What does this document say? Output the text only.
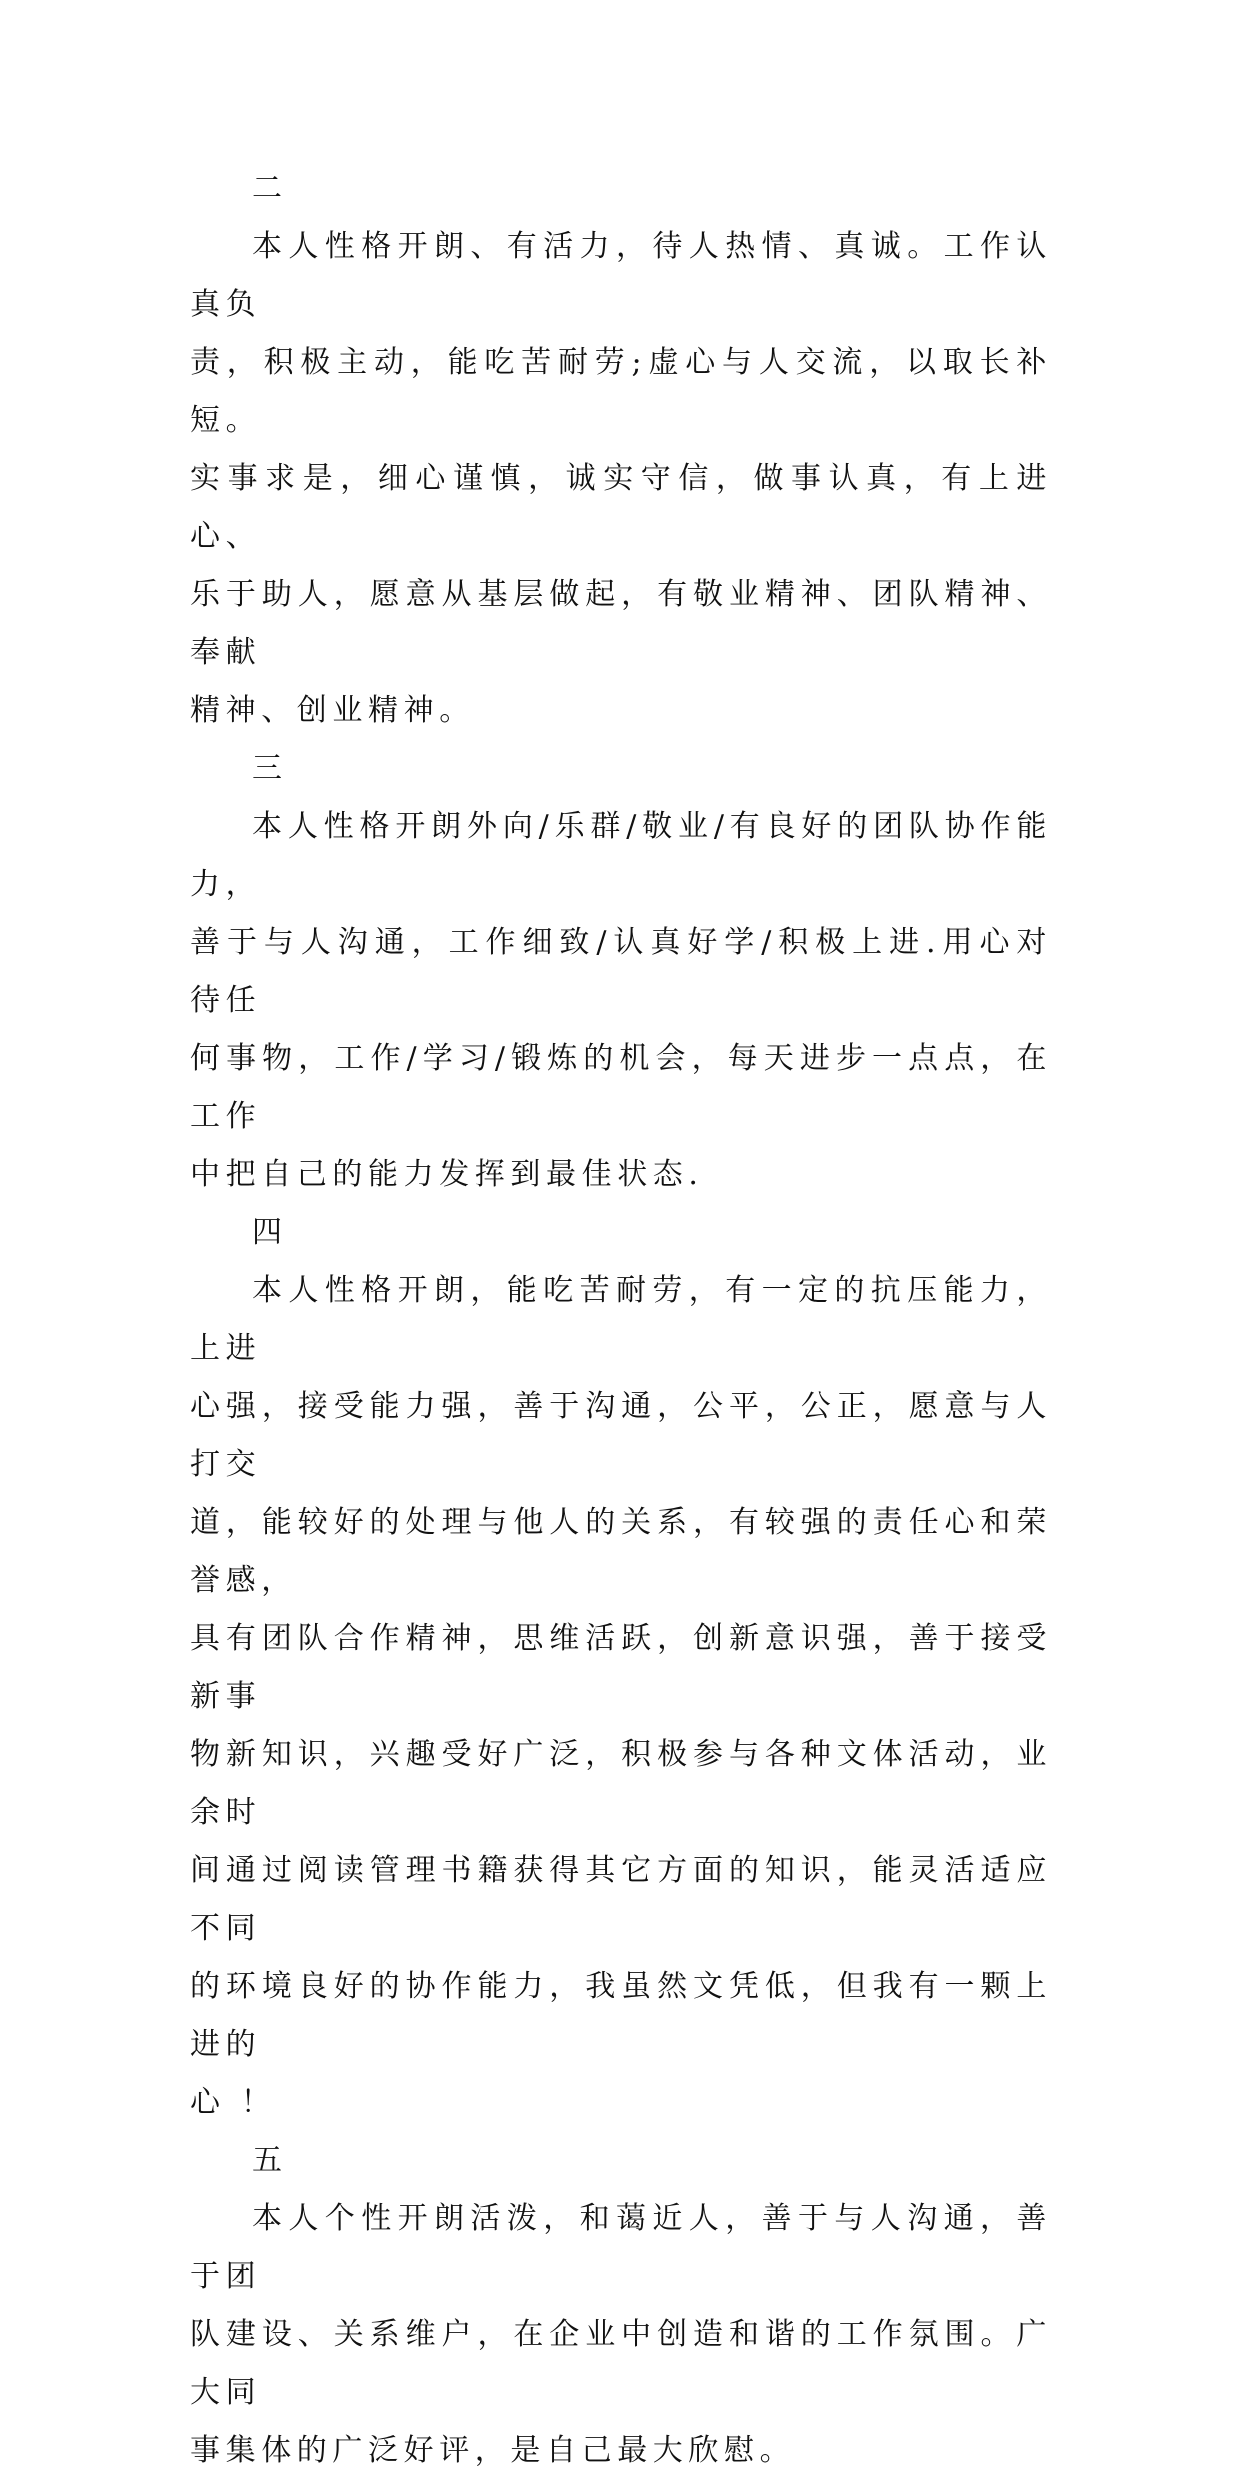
二

本人性格开朗、有活力，待人热情、真诚。工作认真负
责，积极主动，能吃苦耐劳;虚心与人交流，以取长补短。
实事求是，细心谨慎，诚实守信，做事认真，有上进心、
乐于助人，愿意从基层做起，有敬业精神、团队精神、奉献
精神、创业精神。

三

本人性格开朗外向/乐群/敬业/有良好的团队协作能力，
善于与人沟通，工作细致/认真好学/积极上进.用心对待任
何事物，工作/学习/锻炼的机会，每天进步一点点，在工作
中把自己的能力发挥到最佳状态.

四

本人性格开朗，能吃苦耐劳，有一定的抗压能力，上进
心强，接受能力强，善于沟通，公平，公正，愿意与人打交
道，能较好的处理与他人的关系，有较强的责任心和荣誉感，
具有团队合作精神，思维活跃，创新意识强，善于接受新事
物新知识，兴趣受好广泛，积极参与各种文体活动，业余时
间通过阅读管理书籍获得其它方面的知识，能灵活适应不同
的环境良好的协作能力，我虽然文凭低，但我有一颗上进的
心 ！

五

本人个性开朗活泼，和蔼近人，善于与人沟通，善于团
队建设、关系维户，在企业中创造和谐的工作氛围。广大同
事集体的广泛好评，是自己最大欣慰。
